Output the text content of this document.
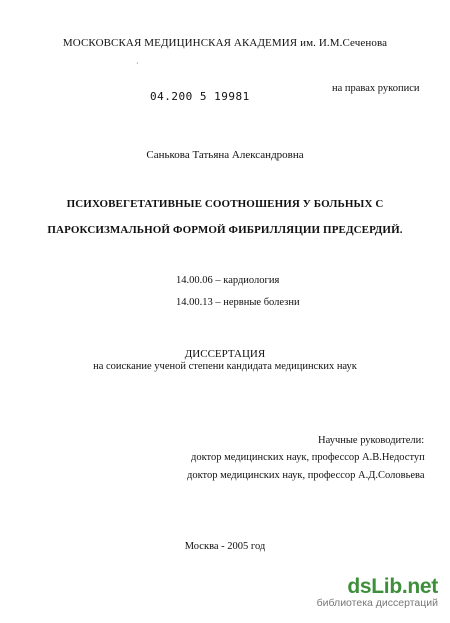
МОСКОВСКАЯ МЕДИЦИНСКАЯ АКАДЕМИЯ им. И.М.Сеченова
·
04.200 5 19981
на правах рукописи
Санькова Татьяна Александровна
ПСИХОВЕГЕТАТИВНЫЕ СООТНОШЕНИЯ У БОЛЬНЫХ С
ПАРОКСИЗМАЛЬНОЙ ФОРМОЙ ФИБРИЛЛЯЦИИ ПРЕДСЕРДИЙ.
14.00.06 – кардиология
14.00.13 – нервные болезни
ДИССЕРТАЦИЯ
на соискание ученой степени кандидата медицинских наук
Научные руководители:
доктор медицинских наук, профессор А.В.Недоступ
доктор медицинских наук, профессор А.Д.Соловьева
Москва - 2005 год
dsLib.net
библиотека диссертаций
